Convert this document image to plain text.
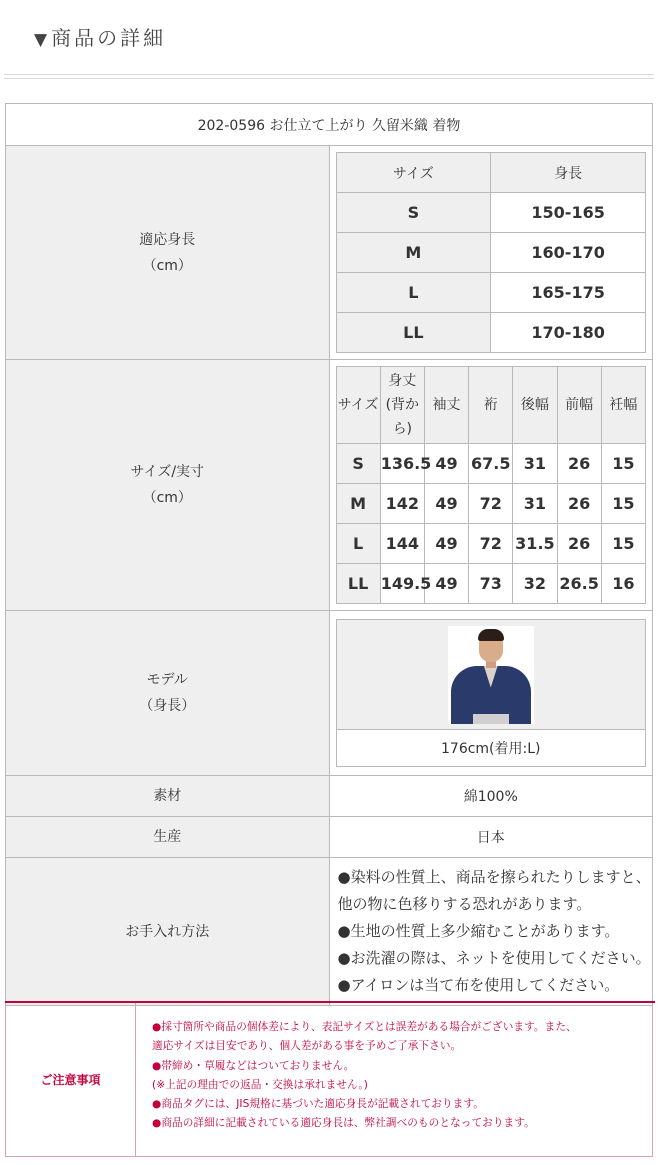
▼ 商品の詳細
202-0596 お仕立て上がり 久留米織 着物

適応身長
（cm）

サイズ	身長
S	150-165
M	160-170
L	165-175
LL	170-180

サイズ/実寸
（cm）

サイズ	身丈(背から)	袖丈	裄	後幅	前幅	衽幅
S	136.5	49	67.5	31	26	15
M	142	49	72	31	26	15
L	144	49	72	31.5	26	15
LL	149.5	49	73	32	26.5	16

モデル
（身長）

176cm(着用:L)

素材	綿100%
生産	日本
お手入れ方法	
●染料の性質上、商品を擦られたりしますと、
他の物に色移りする恐れがあります。
●生地の性質上多少縮むことがあります。
●お洗濯の際は、ネットを使用してください。
●アイロンは当て布を使用してください。
ご注意事項	
●採寸箇所や商品の個体差により、表記サイズとは誤差がある場合がございます。また、
適応サイズは目安であり、個人差がある事を予めご了承下さい。
●帯締め・草履などはついておりません。
(※上記の理由での返品・交換は承れません。)
●商品タグには、JIS規格に基づいた適応身長が記載されております。
●商品の詳細に記載されている適応身長は、弊社調べのものとなっております。
